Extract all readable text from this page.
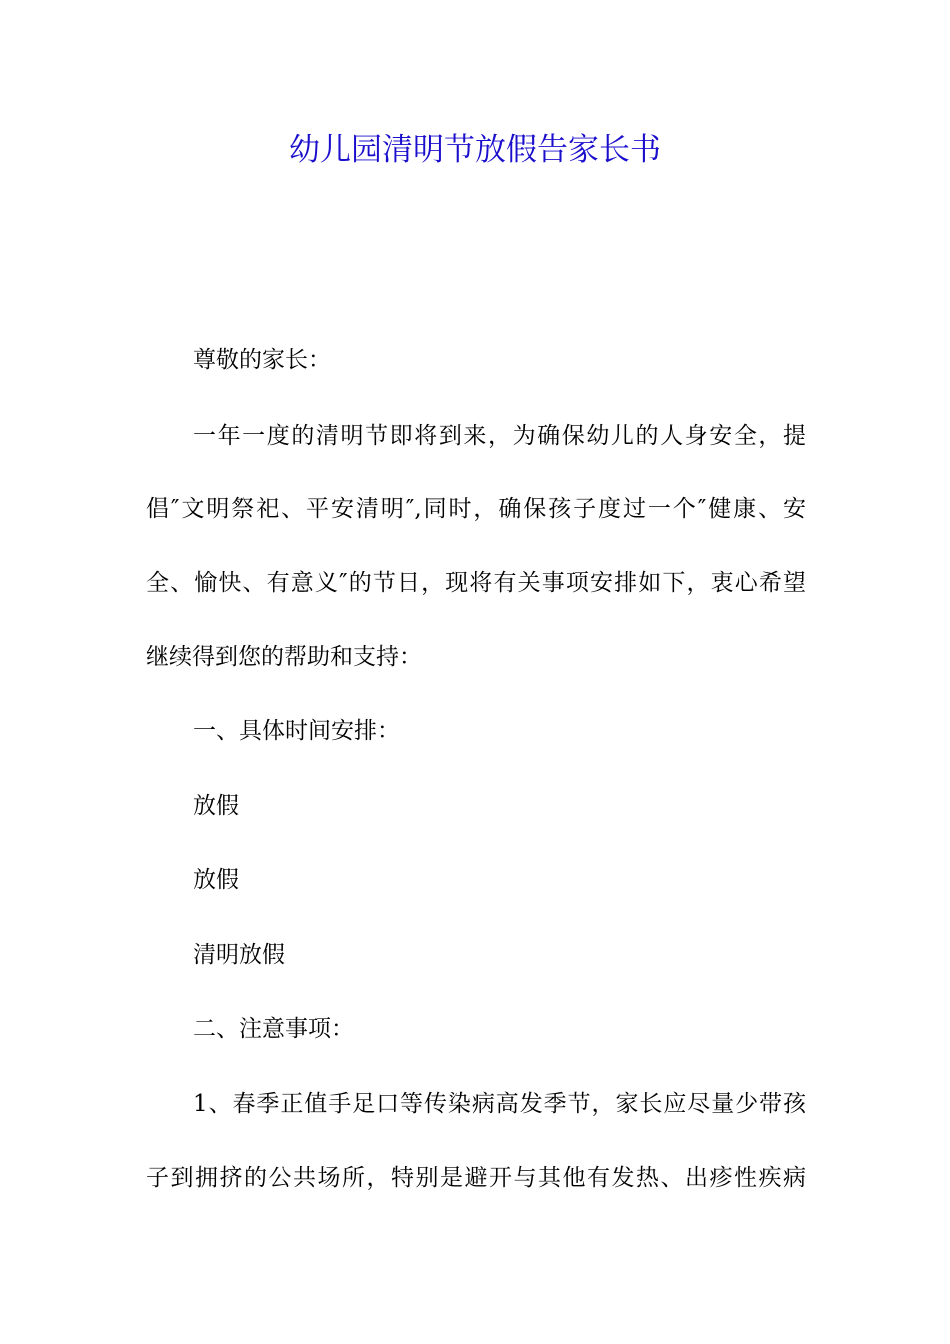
幼儿园清明节放假告家长书

尊敬的家长：

一年一度的清明节即将到来，为确保幼儿的人身安全，提

倡″文明祭祀、平安清明″,同时，确保孩子度过一个″健康、安

全、愉快、有意义″的节日，现将有关事项安排如下，衷心希望

继续得到您的帮助和支持：

一、具体时间安排：

放假

放假

清明放假

二、注意事项：

1、春季正值手足口等传染病高发季节，家长应尽量少带孩

子到拥挤的公共场所，特别是避开与其他有发热、出疹性疾病
